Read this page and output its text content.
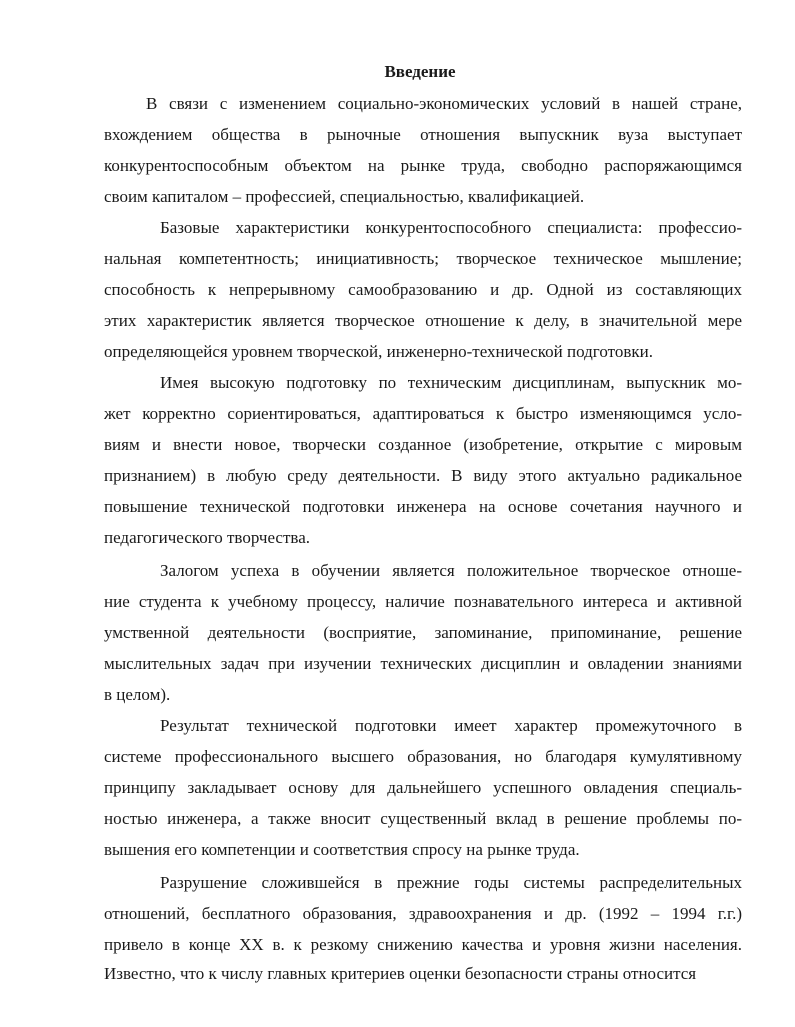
Введение
В связи с изменением социально-экономических условий в нашей стране,
вхождением общества в рыночные отношения выпускник вуза выступает
конкурентоспособным объектом на рынке труда, свободно распоряжающимся
своим капиталом – профессией, специальностью, квалификацией.
Базовые характеристики конкурентоспособного специалиста: профессио-
нальная компетентность; инициативность; творческое техническое мышление;
способность к непрерывному самообразованию и др. Одной из составляющих
этих характеристик является творческое отношение к делу, в значительной мере
определяющейся уровнем творческой, инженерно-технической подготовки.
Имея высокую подготовку по техническим дисциплинам, выпускник мо-
жет корректно сориентироваться, адаптироваться к быстро изменяющимся усло-
виям и внести новое, творчески созданное (изобретение, открытие с мировым
признанием) в любую среду деятельности. В виду этого актуально радикальное
повышение технической подготовки инженера на основе сочетания научного и
педагогического творчества.
Залогом успеха в обучении является положительное творческое отноше-
ние студента к учебному процессу, наличие познавательного интереса и активной
умственной деятельности (восприятие, запоминание, припоминание, решение
мыслительных задач при изучении технических дисциплин и овладении знаниями
в целом).
Результат технической подготовки имеет характер промежуточного в
системе профессионального высшего образования, но благодаря кумулятивному
принципу закладывает основу для дальнейшего успешного овладения специаль-
ностью инженера, а также вносит существенный вклад в решение проблемы по-
вышения его компетенции и соответствия спросу на рынке труда.
Разрушение сложившейся в прежние годы системы распределительных
отношений, бесплатного образования, здравоохранения и др. (1992 – 1994 г.г.)
привело в конце XX в. к резкому снижению качества и уровня жизни населения.
Известно, что к числу главных критериев оценки безопасности страны относится
